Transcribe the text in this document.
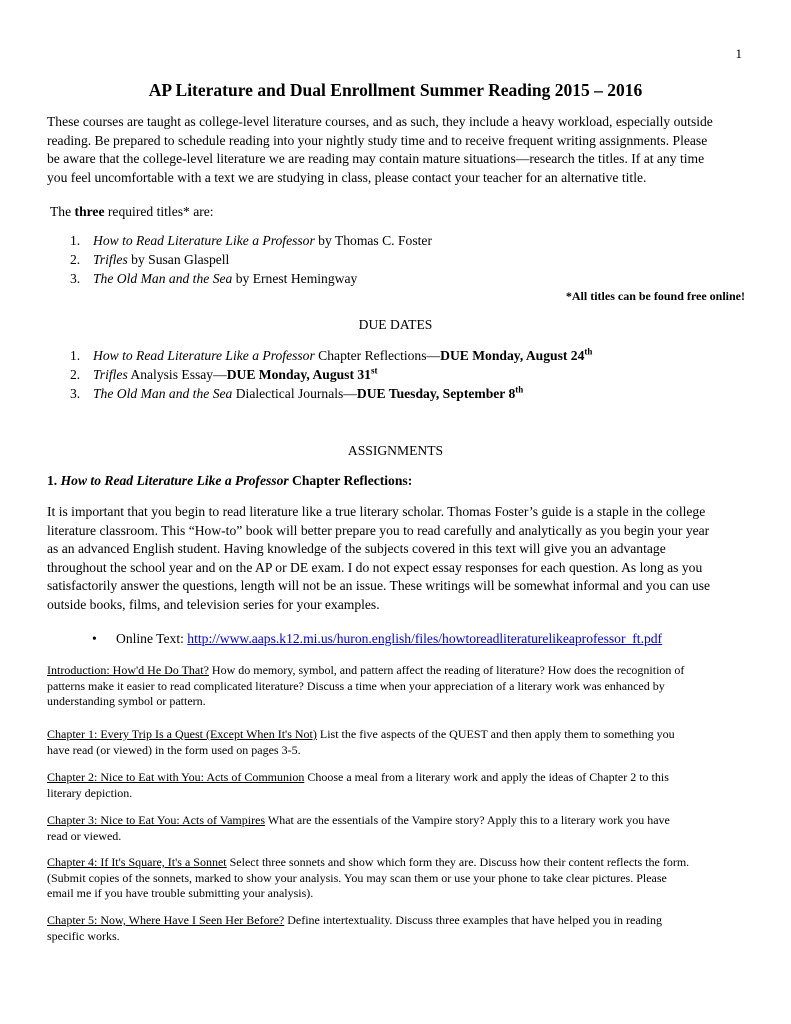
1
AP Literature and Dual Enrollment Summer Reading 2015 – 2016
These courses are taught as college-level literature courses, and as such, they include a heavy workload, especially outside
reading. Be prepared to schedule reading into your nightly study time and to receive frequent writing assignments. Please
be aware that the college-level literature we are reading may contain mature situations—research the titles. If at any time
you feel uncomfortable with a text we are studying in class, please contact your teacher for an alternative title.
The three required titles* are:
1. How to Read Literature Like a Professor by Thomas C. Foster
2. Trifles by Susan Glaspell
3. The Old Man and the Sea by Ernest Hemingway
*All titles can be found free online!
DUE DATES
1. How to Read Literature Like a Professor Chapter Reflections—DUE Monday, August 24th
2. Trifles Analysis Essay—DUE Monday, August 31st
3. The Old Man and the Sea Dialectical Journals—DUE Tuesday, September 8th
ASSIGNMENTS
1. How to Read Literature Like a Professor Chapter Reflections:
It is important that you begin to read literature like a true literary scholar. Thomas Foster’s guide is a staple in the college
literature classroom. This “How-to” book will better prepare you to read carefully and analytically as you begin your year
as an advanced English student. Having knowledge of the subjects covered in this text will give you an advantage
throughout the school year and on the AP or DE exam. I do not expect essay responses for each question. As long as you
satisfactorily answer the questions, length will not be an issue. These writings will be somewhat informal and you can use
outside books, films, and television series for your examples.
• Online Text: http://www.aaps.k12.mi.us/huron.english/files/howtoreadliteraturelikeaprofessor_ft.pdf
Introduction: How'd He Do That? How do memory, symbol, and pattern affect the reading of literature? How does the recognition of
patterns make it easier to read complicated literature? Discuss a time when your appreciation of a literary work was enhanced by
understanding symbol or pattern.
Chapter 1: Every Trip Is a Quest (Except When It's Not) List the five aspects of the QUEST and then apply them to something you
have read (or viewed) in the form used on pages 3-5.
Chapter 2: Nice to Eat with You: Acts of Communion Choose a meal from a literary work and apply the ideas of Chapter 2 to this
literary depiction.
Chapter 3: Nice to Eat You: Acts of Vampires What are the essentials of the Vampire story? Apply this to a literary work you have
read or viewed.
Chapter 4: If It's Square, It's a Sonnet Select three sonnets and show which form they are. Discuss how their content reflects the form.
(Submit copies of the sonnets, marked to show your analysis. You may scan them or use your phone to take clear pictures. Please
email me if you have trouble submitting your analysis).
Chapter 5: Now, Where Have I Seen Her Before? Define intertextuality. Discuss three examples that have helped you in reading
specific works.
